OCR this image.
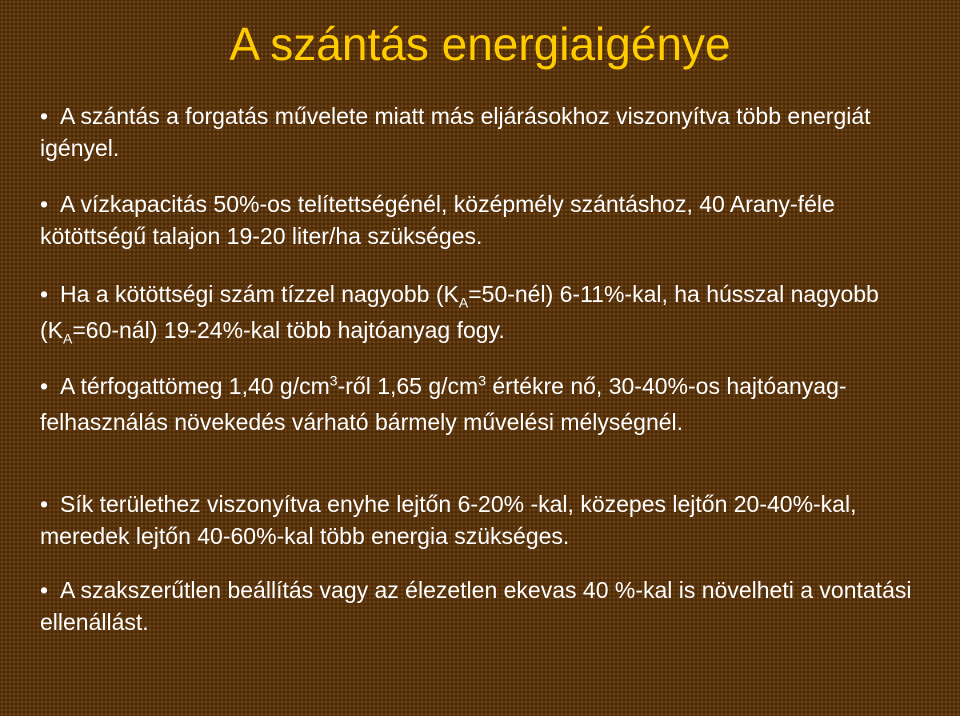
A szántás energiaigénye
• A szántás a forgatás művelete miatt más eljárásokhoz viszonyítva több energiát igényel.
• A vízkapacitás 50%-os telítettségénél, középmély szántáshoz, 40 Arany-féle kötöttségű talajon 19-20 liter/ha szükséges.
• Ha a kötöttségi szám tízzel nagyobb $(K_A=50-nél)$ 6-11%-kal, ha hússzal nagyobb $(K_A=60-nál)$ 19-24%-kal több hajtóanyag fogy.
• A térfogattömeg 1,40 $g/cm^3$-ről 1,65 $g/cm^3$ értékre nő, 30-40%-os hajtóanyag-felhasználás növekedés várható bármely művelési mélységnél.
• Sík területhez viszonyítva enyhe lejtőn 6-20% -kal, közepes lejtőn 20-40%-kal, meredek lejtőn 40-60%-kal több energia szükséges.
• A szakszerűtlen beállítás vagy az élezetlen ekevas 40 %-kal is növelheti a vontatási ellenállást.
